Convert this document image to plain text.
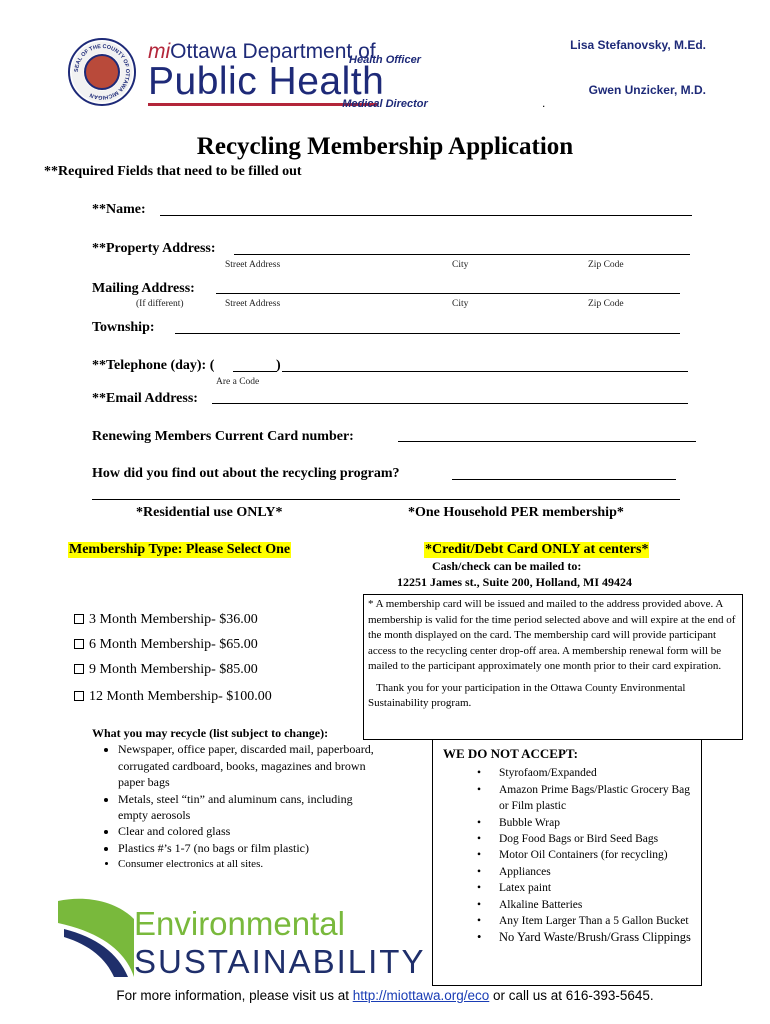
SEAL OF THE COUNTY OF OTTAWA MICHIGAN
miOttawa Department of
Public Health
Lisa Stefanovsky, M.Ed.
Health Officer
Gwen Unzicker, M.D.
Medical Director	.
Recycling Membership Application
**Required Fields that need to be filled out
**Name:
**Property Address:
Street Address	City	Zip Code
Mailing Address:
(If different)	Street Address	City	Zip Code
Township:
**Telephone (day): (	)
Are a Code
**Email Address:
Renewing Members Current Card number:
How did you find out about the recycling program?
*Residential use ONLY*	*One Household PER membership*
Membership Type: Please Select One	*Credit/Debt Card ONLY at centers*
Cash/check can be mailed to:
12251 James st., Suite 200, Holland, MI 49424
3 Month Membership- $36.00
6 Month Membership- $65.00
9 Month Membership- $85.00
12 Month Membership- $100.00

* A membership card will be issued and mailed to the address provided above. A membership is valid for the time period selected above and will expire at the end of the month displayed on the card. The membership card will provide participant access to the recycling center drop-off area. A membership renewal form will be mailed to the participant approximately one month prior to their card expiration.

Thank you for your participation in the Ottawa County Environmental Sustainability program.

What you may recycle (list subject to change):
• Newspaper, office paper, discarded mail, paperboard, corrugated cardboard, books, magazines and brown paper bags
• Metals, steel “tin” and aluminum cans, including empty aerosols
• Clear and colored glass
• Plastics #’s 1-7 (no bags or film plastic)
• Consumer electronics at all sites.
WE DO NOT ACCEPT:
• Styrofaom/Expanded
• Amazon Prime Bags/Plastic Grocery Bag or Film plastic
• Bubble Wrap
• Dog Food Bags or Bird Seed Bags
• Motor Oil Containers (for recycling)
• Appliances
• Latex paint
• Alkaline Batteries
• Any Item Larger Than a 5 Gallon Bucket
• No Yard Waste/Brush/Grass Clippings
Environmental
SUSTAINABILITY
For more information, please visit us at http://miottawa.org/eco or call us at 616-393-5645.
